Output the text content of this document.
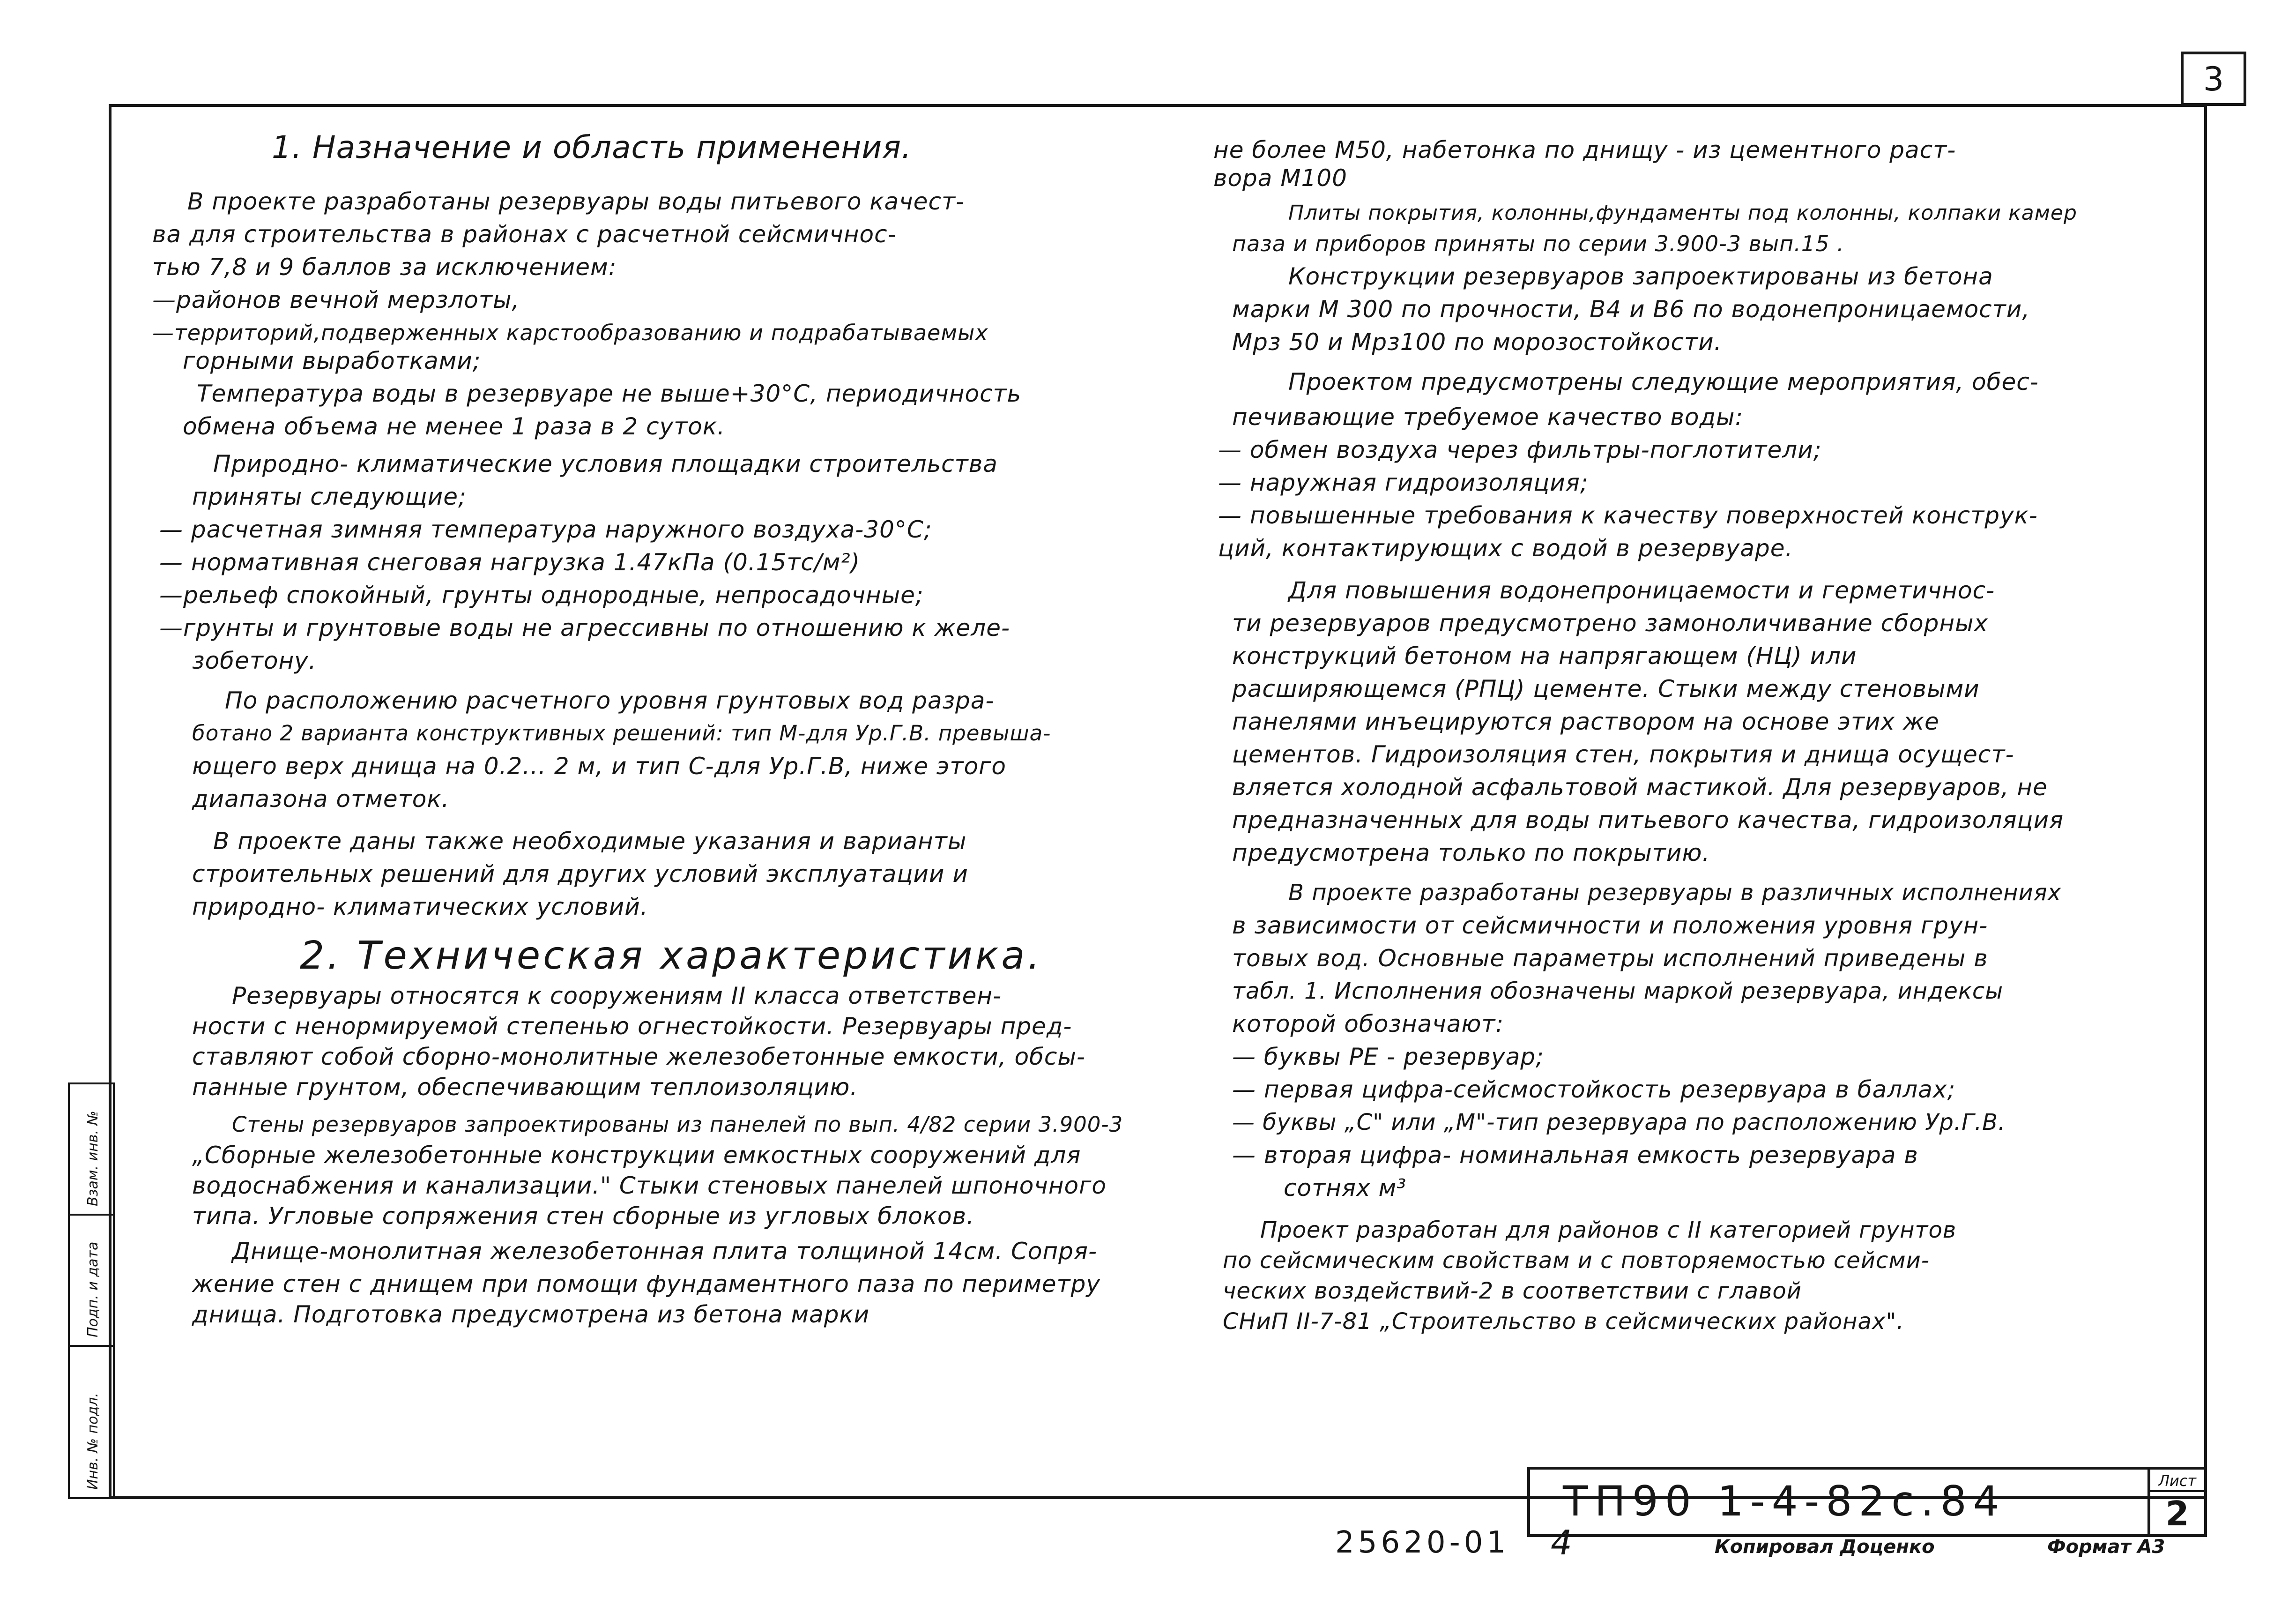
3
Инв. № подл.
Подп. и дата
Взам. инв. №
1. Назначение и область применения.
В проекте разработаны резервуары воды питьевого качест-
ва для строительства в районах с расчетной сейсмичнос-
тью 7,8 и 9 баллов за исключением:
—районов вечной мерзлоты,
—территорий,подверженных карстообразованию и подрабатываемых
горными выработками;
Температура воды в резервуаре не выше+30°С, периодичность
обмена объема не менее 1 раза в 2 суток.
Природно- климатические условия площадки строительства
приняты следующие;
— расчетная зимняя температура наружного воздуха-30°С;
— нормативная снеговая нагрузка 1.47кПа (0.15тс/м²)
—рельеф спокойный, грунты однородные, непросадочные;
—грунты и грунтовые воды не агрессивны по отношению к желе-
зобетону.
По расположению расчетного уровня грунтовых вод разра-
ботано 2 варианта конструктивных решений: тип М-для Ур.Г.В. превыша-
ющего верх днища на 0.2... 2 м, и тип С-для Ур.Г.В, ниже этого
диапазона отметок.
В проекте даны также необходимые указания и варианты
строительных решений для других условий эксплуатации и
природно- климатических условий.
2. Техническая характеристика.
Резервуары относятся к сооружениям II класса ответствен-
ности с ненормируемой степенью огнестойкости. Резервуары пред-
ставляют собой сборно-монолитные железобетонные емкости, обсы-
панные грунтом, обеспечивающим теплоизоляцию.
Стены резервуаров запроектированы из панелей по вып. 4/82 серии 3.900-3
„Сборные железобетонные конструкции емкостных сооружений для
водоснабжения и канализации." Стыки стеновых панелей шпоночного
типа. Угловые сопряжения стен сборные из угловых блоков.
Днище-монолитная железобетонная плита толщиной 14см. Сопря-
жение стен с днищем при помощи фундаментного паза по периметру
днища. Подготовка предусмотрена из бетона марки
не более М50, набетонка по днищу - из цементного раст-
вора М100
Плиты покрытия, колонны,фундаменты под колонны, колпаки камер
паза и приборов приняты по серии 3.900-3 вып.15 .
Конструкции резервуаров запроектированы из бетона
марки М 300 по прочности, В4 и В6 по водонепроницаемости,
Мрз 50 и Мрз100 по морозостойкости.
Проектом предусмотрены следующие мероприятия, обес-
печивающие требуемое качество воды:
— обмен воздуха через фильтры-поглотители;
— наружная гидроизоляция;
— повышенные требования к качеству поверхностей конструк-
ций, контактирующих с водой в резервуаре.
Для повышения водонепроницаемости и герметичнос-
ти резервуаров предусмотрено замоноличивание сборных
конструкций бетоном на напрягающем (НЦ) или
расширяющемся (РПЦ) цементе. Стыки между стеновыми
панелями инъецируются раствором на основе этих же
цементов. Гидроизоляция стен, покрытия и днища осущест-
вляется холодной асфальтовой мастикой. Для резервуаров, не
предназначенных для воды питьевого качества, гидроизоляция
предусмотрена только по покрытию.
В проекте разработаны резервуары в различных исполнениях
в зависимости от сейсмичности и положения уровня грун-
товых вод. Основные параметры исполнений приведены в
табл. 1. Исполнения обозначены маркой резервуара, индексы
которой обозначают:
— буквы РЕ - резервуар;
— первая цифра-сейсмостойкость резервуара в баллах;
— буквы „С" или „М"-тип резервуара по расположению Ур.Г.В.
— вторая цифра- номинальная емкость резервуара в
сотнях м³
Проект разработан для районов с II категорией грунтов
по сейсмическим свойствам и с повторяемостью сейсми-
ческих воздействий-2 в соответствии с главой
СНиП II-7-81 „Строительство в сейсмических районах".
ТП90 1-4-82с.84	Лист
2
25620-01 4	Копировал Доценко	Формат А3
